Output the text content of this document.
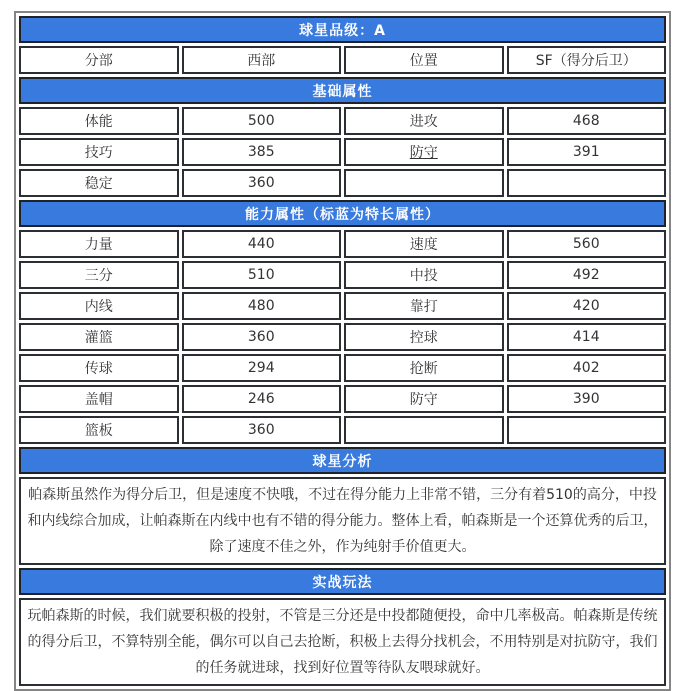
球星品级：A			
分部	西部	位置	SF（得分后卫）
基础属性			
体能	500	进攻	468
技巧	385	防守	391
稳定	360		
能力属性（标蓝为特长属性）			
力量	440	速度	560
三分	510	中投	492
内线	480	靠打	420
灌篮	360	控球	414
传球	294	抢断	402
盖帽	246	防守	390
篮板	360		
球星分析			
帕森斯虽然作为得分后卫，但是速度不快哦，不过在得分能力上非常不错，三分有着510的高分，中投和内线综合加成，让帕森斯在内线中也有不错的得分能力。整体上看，帕森斯是一个还算优秀的后卫，除了速度不佳之外，作为纯射手价值更大。			
实战玩法			
玩帕森斯的时候，我们就要积极的投射，不管是三分还是中投都随便投，命中几率极高。帕森斯是传统的得分后卫，不算特别全能，偶尔可以自己去抢断，积极上去得分找机会，不用特别是对抗防守，我们的任务就进球，找到好位置等待队友喂球就好。			
